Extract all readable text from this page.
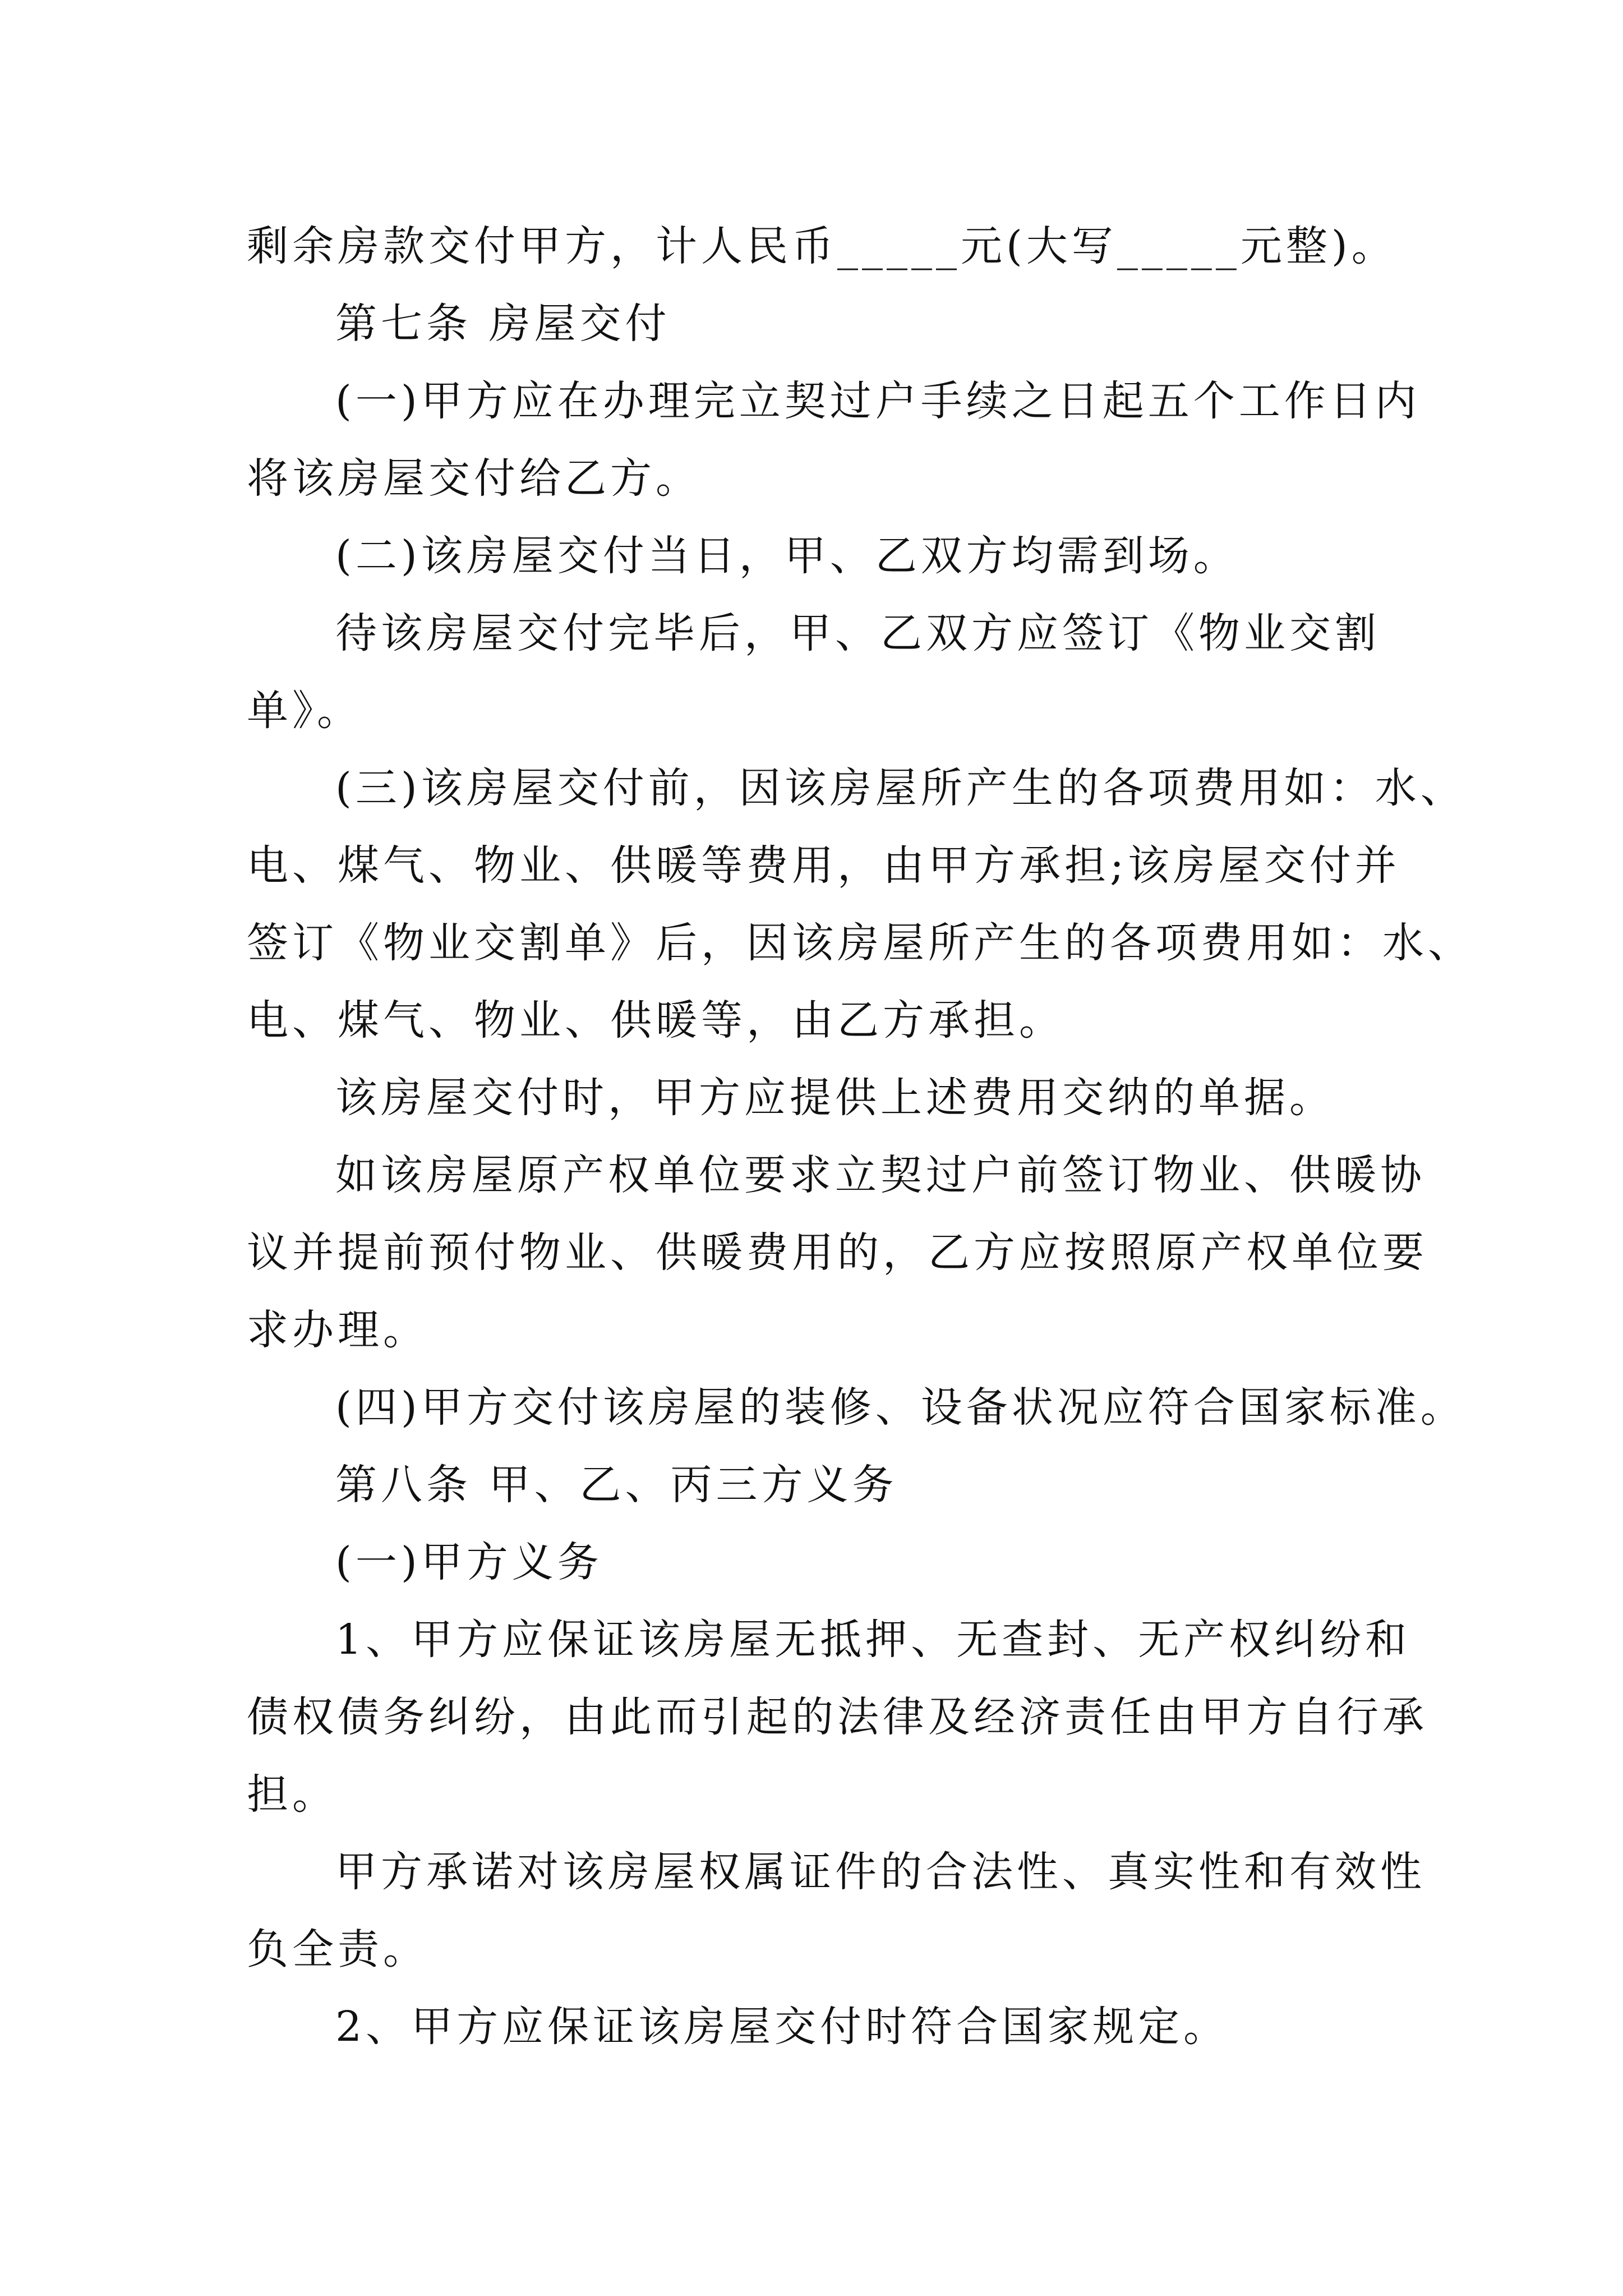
剩余房款交付甲方，计人民币_____元(大写_____元整)。
第七条 房屋交付
(一)甲方应在办理完立契过户手续之日起五个工作日内
将该房屋交付给乙方。
(二)该房屋交付当日，甲、乙双方均需到场。
待该房屋交付完毕后，甲、乙双方应签订《物业交割
单》。
(三)该房屋交付前，因该房屋所产生的各项费用如：水、
电、煤气、物业、供暖等费用，由甲方承担;该房屋交付并
签订《物业交割单》后，因该房屋所产生的各项费用如：水、
电、煤气、物业、供暖等，由乙方承担。
该房屋交付时，甲方应提供上述费用交纳的单据。
如该房屋原产权单位要求立契过户前签订物业、供暖协
议并提前预付物业、供暖费用的，乙方应按照原产权单位要
求办理。
(四)甲方交付该房屋的装修、设备状况应符合国家标准。
第八条 甲、乙、丙三方义务
(一)甲方义务
1、甲方应保证该房屋无抵押、无查封、无产权纠纷和
债权债务纠纷，由此而引起的法律及经济责任由甲方自行承
担。
甲方承诺对该房屋权属证件的合法性、真实性和有效性
负全责。
2、甲方应保证该房屋交付时符合国家规定。
